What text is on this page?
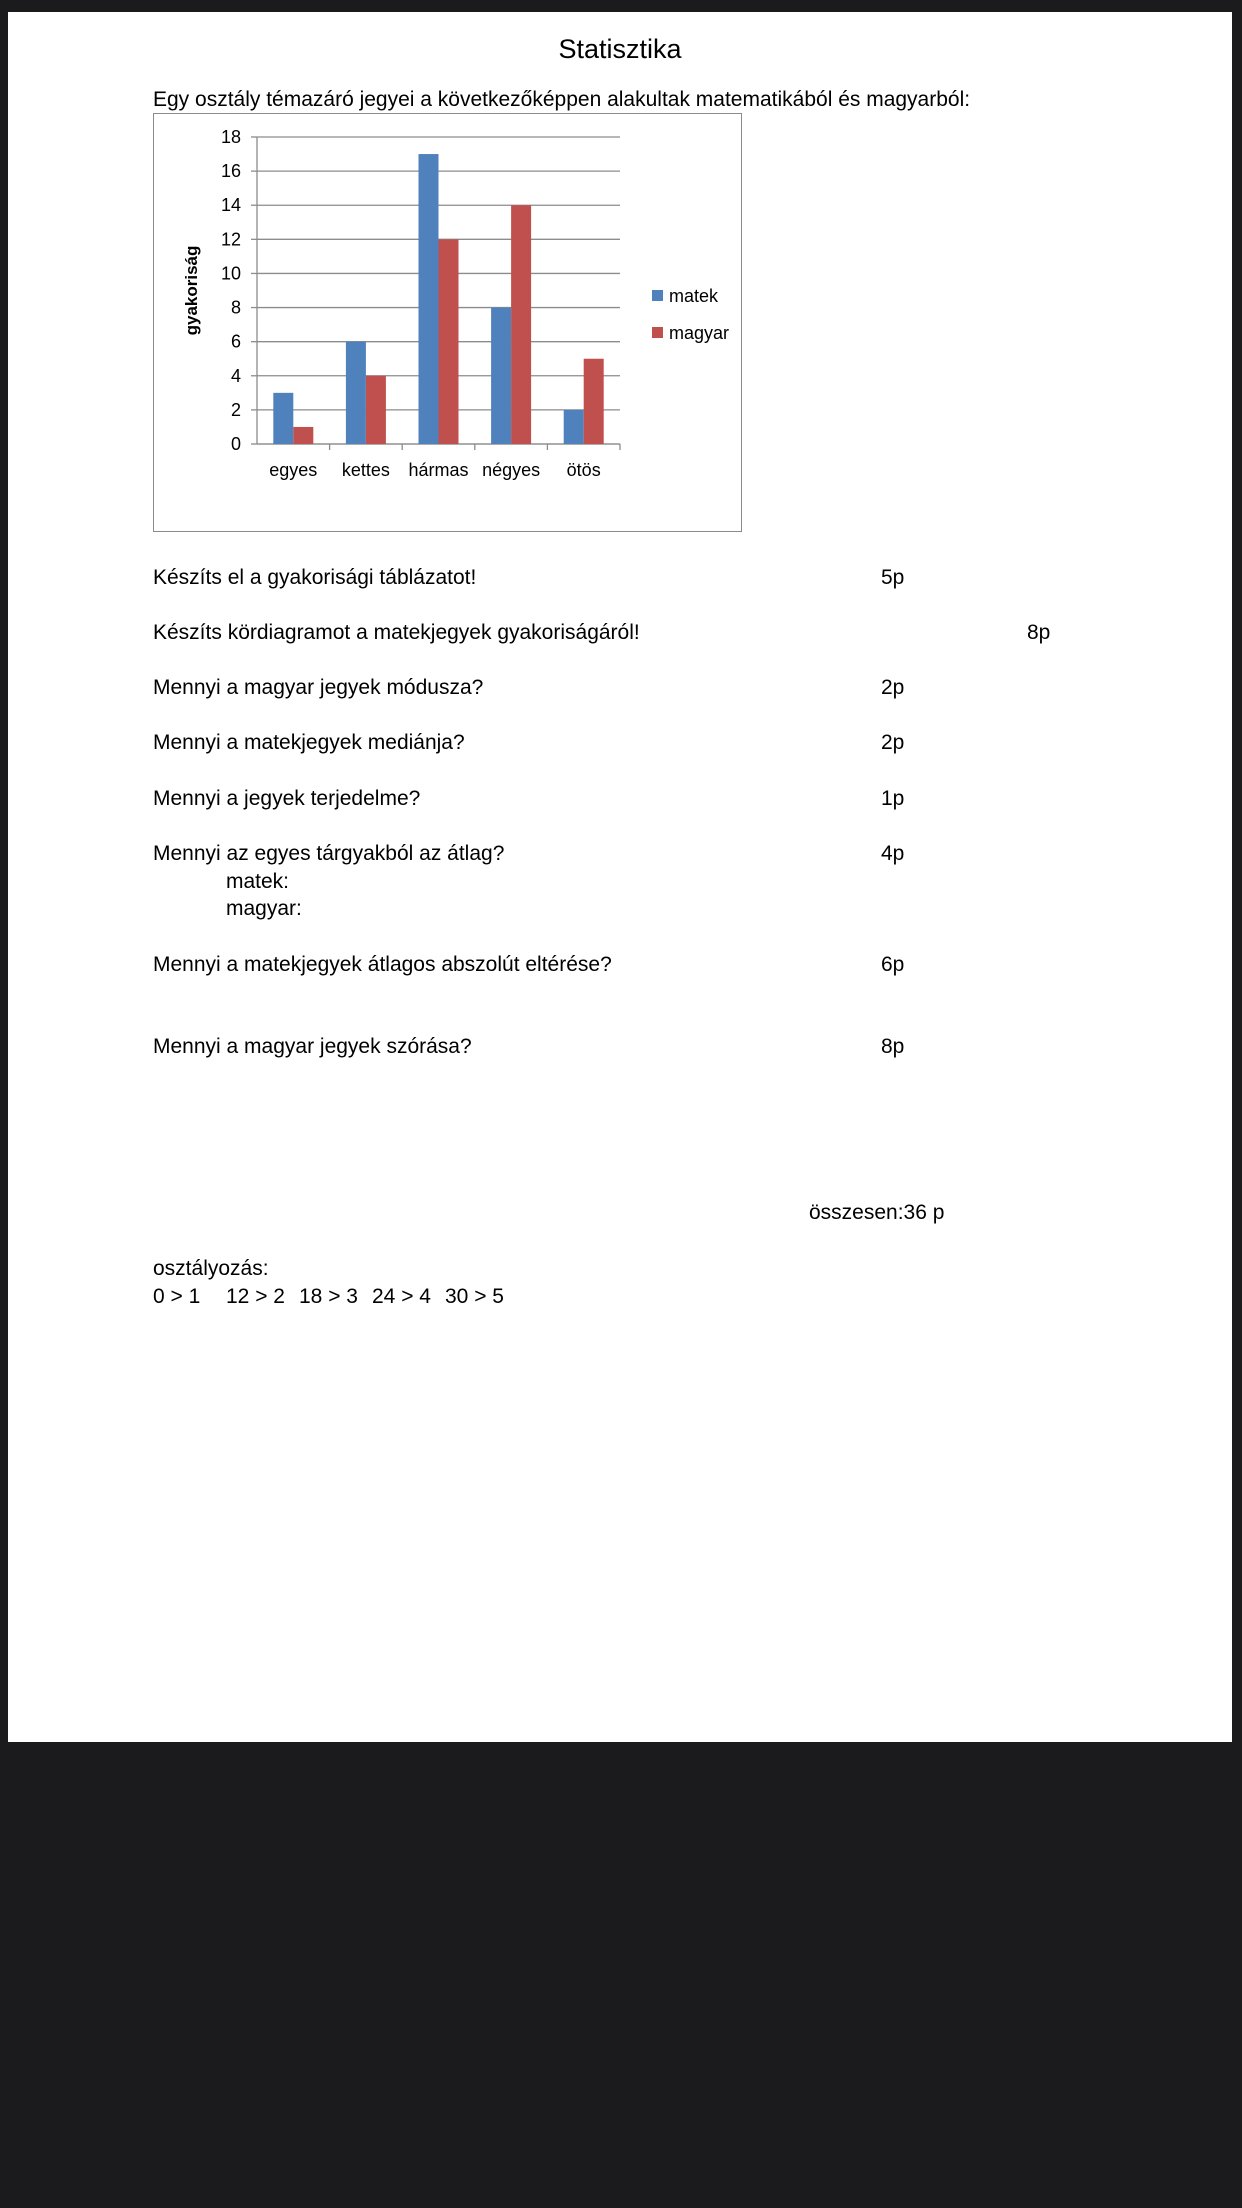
Statisztika
Egy osztály témazáró jegyei a következőképpen alakultak matematikából és magyarból:
0
2
4
6
8
10
12
14
16
18
egyes kettes hármas négyes ötös
gyakoriság	matek
magyar
Készíts el a gyakorisági táblázatot!	5p
Készíts kördiagramot a matekjegyek gyakoriságáról!	8p
Mennyi a magyar jegyek módusza?	2p
Mennyi a matekjegyek mediánja?	2p
Mennyi a jegyek terjedelme?	1p
Mennyi az egyes tárgyakból az átlag?	4p
matek:
magyar:
Mennyi a matekjegyek átlagos abszolút eltérése?	6p
Mennyi a magyar jegyek szórása?	8p
összesen:36 p
osztályozás:
0 > 1 12 > 2 18 > 3 24 > 4 30 > 5
